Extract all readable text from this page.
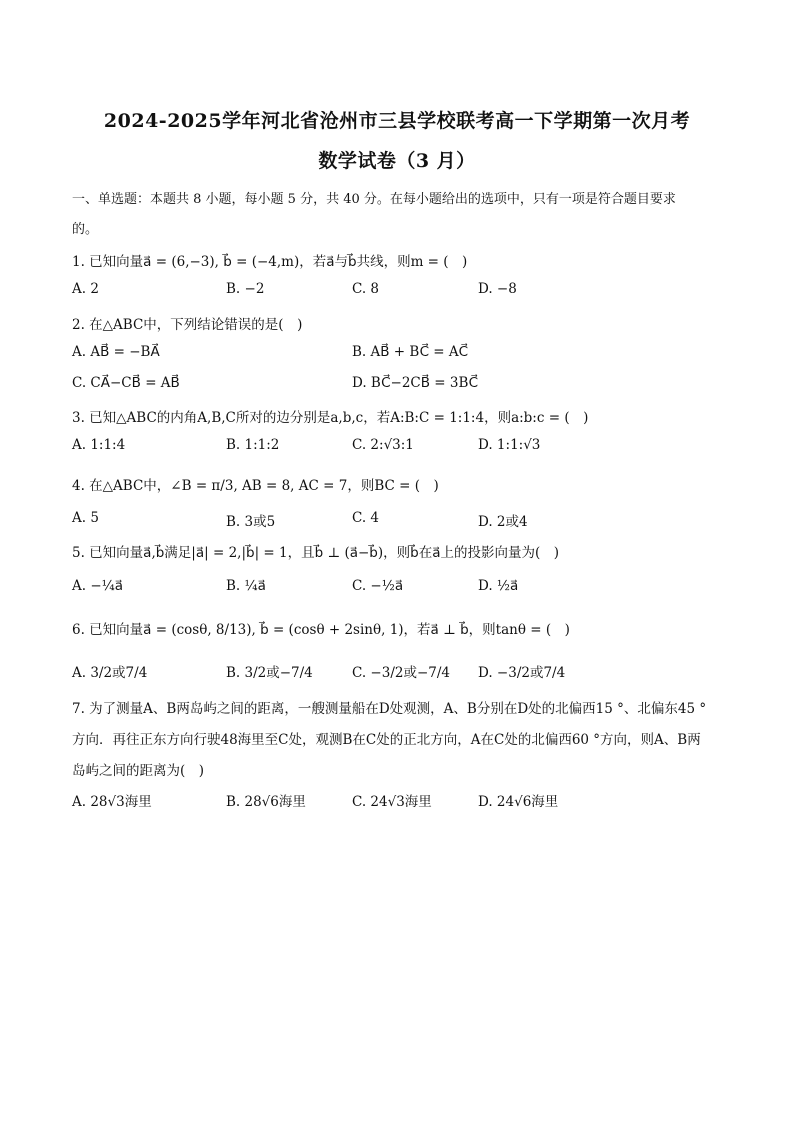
2024-2025学年河北省沧州市三县学校联考高一下学期第一次月考
数学试卷（3 月）
一、单选题：本题共 8 小题，每小题 5 分，共 40 分。在每小题给出的选项中，只有一项是符合题目要求
的。
1. 已知向量a⃗ = (6,−3), b⃗ = (−4,m)，若a⃗与b⃗共线，则m = (　)
A. 2	B. −2	C. 8	D. −8
2. 在△ABC中，下列结论错误的是(　)
A. AB⃗ = −BA⃗	B. AB⃗ + BC⃗ = AC⃗
C. CA⃗−CB⃗ = AB⃗	D. BC⃗−2CB⃗ = 3BC⃗
3. 已知△ABC的内角A,B,C所对的边分别是a,b,c，若A:B:C = 1:1:4，则a:b:c = (　)
A. 1:1:4	B. 1:1:2	C. 2:√3:1	D. 1:1:√3
4. 在△ABC中，∠B = π/3, AB = 8, AC = 7，则BC = (　)
A. 5	B. 3或5	C. 4	D. 2或4
5. 已知向量a⃗,b⃗满足|a⃗| = 2,|b⃗| = 1，且b⃗ ⊥ (a⃗−b⃗)，则b⃗在a⃗上的投影向量为(　)
A. −¼a⃗	B. ¼a⃗	C. −½a⃗	D. ½a⃗
6. 已知向量a⃗ = (cosθ, 8/13), b⃗ = (cosθ + 2sinθ, 1)，若a⃗ ⊥ b⃗，则tanθ = (　)
A. 3/2或7/4	B. 3/2或−7/4	C. −3/2或−7/4 D. −3/2或7/4
7. 为了测量A、B两岛屿之间的距离，一艘测量船在D处观测，A、B分别在D处的北偏西15 °、北偏东45 °
方向．再往正东方向行驶48海里至C处，观测B在C处的正北方向，A在C处的北偏西60 °方向，则A、B两
岛屿之间的距离为(　)
A. 28√3海里	B. 28√6海里	C. 24√3海里	D. 24√6海里
